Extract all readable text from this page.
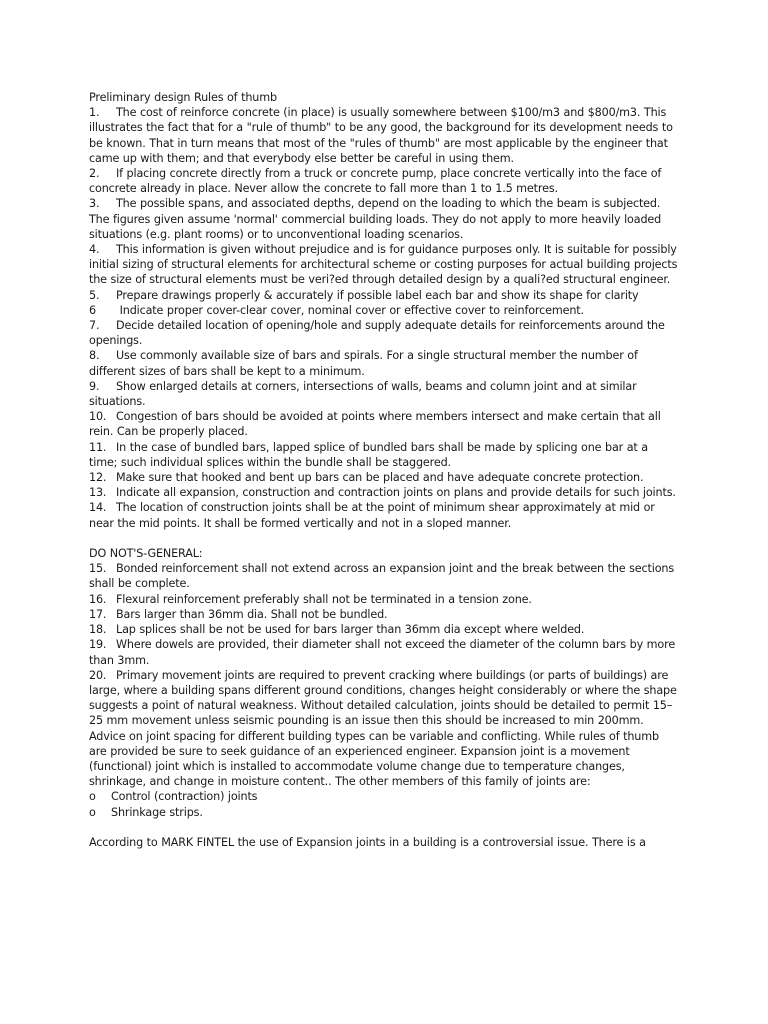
Preliminary design Rules of thumb

1. The cost of reinforce concrete (in place) is usually somewhere between $100/m3 and $800/m3. This illustrates the fact that for a "rule of thumb" to be any good, the background for its development needs to be known. That in turn means that most of the "rules of thumb" are most applicable by the engineer that came up with them; and that everybody else better be careful in using them.

2. If placing concrete directly from a truck or concrete pump, place concrete vertically into the face of concrete already in place. Never allow the concrete to fall more than 1 to 1.5 metres.

3. The possible spans, and associated depths, depend on the loading to which the beam is subjected. The figures given assume 'normal' commercial building loads. They do not apply to more heavily loaded situations (e.g. plant rooms) or to unconventional loading scenarios.

4. This information is given without prejudice and is for guidance purposes only. It is suitable for possibly initial sizing of structural elements for architectural scheme or costing purposes for actual building projects the size of structural elements must be veri?ed through detailed design by a quali?ed structural engineer.

5. Prepare drawings properly & accurately if possible label each bar and show its shape for clarity

6 Indicate proper cover-clear cover, nominal cover or effective cover to reinforcement.

7. Decide detailed location of opening/hole and supply adequate details for reinforcements around the openings.

8. Use commonly available size of bars and spirals. For a single structural member the number of different sizes of bars shall be kept to a minimum.

9. Show enlarged details at corners, intersections of walls, beams and column joint and at similar situations.

10. Congestion of bars should be avoided at points where members intersect and make certain that all rein. Can be properly placed.

11. In the case of bundled bars, lapped splice of bundled bars shall be made by splicing one bar at a time; such individual splices within the bundle shall be staggered.

12. Make sure that hooked and bent up bars can be placed and have adequate concrete protection.

13. Indicate all expansion, construction and contraction joints on plans and provide details for such joints.

14. The location of construction joints shall be at the point of minimum shear approximately at mid or near the mid points. It shall be formed vertically and not in a sloped manner.

DO NOT'S-GENERAL:

15. Bonded reinforcement shall not extend across an expansion joint and the break between the sections shall be complete.

16. Flexural reinforcement preferably shall not be terminated in a tension zone.

17. Bars larger than 36mm dia. Shall not be bundled.

18. Lap splices shall be not be used for bars larger than 36mm dia except where welded.

19. Where dowels are provided, their diameter shall not exceed the diameter of the column bars by more than 3mm.

20. Primary movement joints are required to prevent cracking where buildings (or parts of buildings) are large, where a building spans different ground conditions, changes height considerably or where the shape suggests a point of natural weakness. Without detailed calculation, joints should be detailed to permit 15–25 mm movement unless seismic pounding is an issue then this should be increased to min 200mm. Advice on joint spacing for different building types can be variable and conflicting. While rules of thumb are provided be sure to seek guidance of an experienced engineer. Expansion joint is a movement (functional) joint which is installed to accommodate volume change due to temperature changes, shrinkage, and change in moisture content.. The other members of this family of joints are:

o Control (contraction) joints

o Shrinkage strips.

According to MARK FINTEL the use of Expansion joints in a building is a controversial issue. There is a
